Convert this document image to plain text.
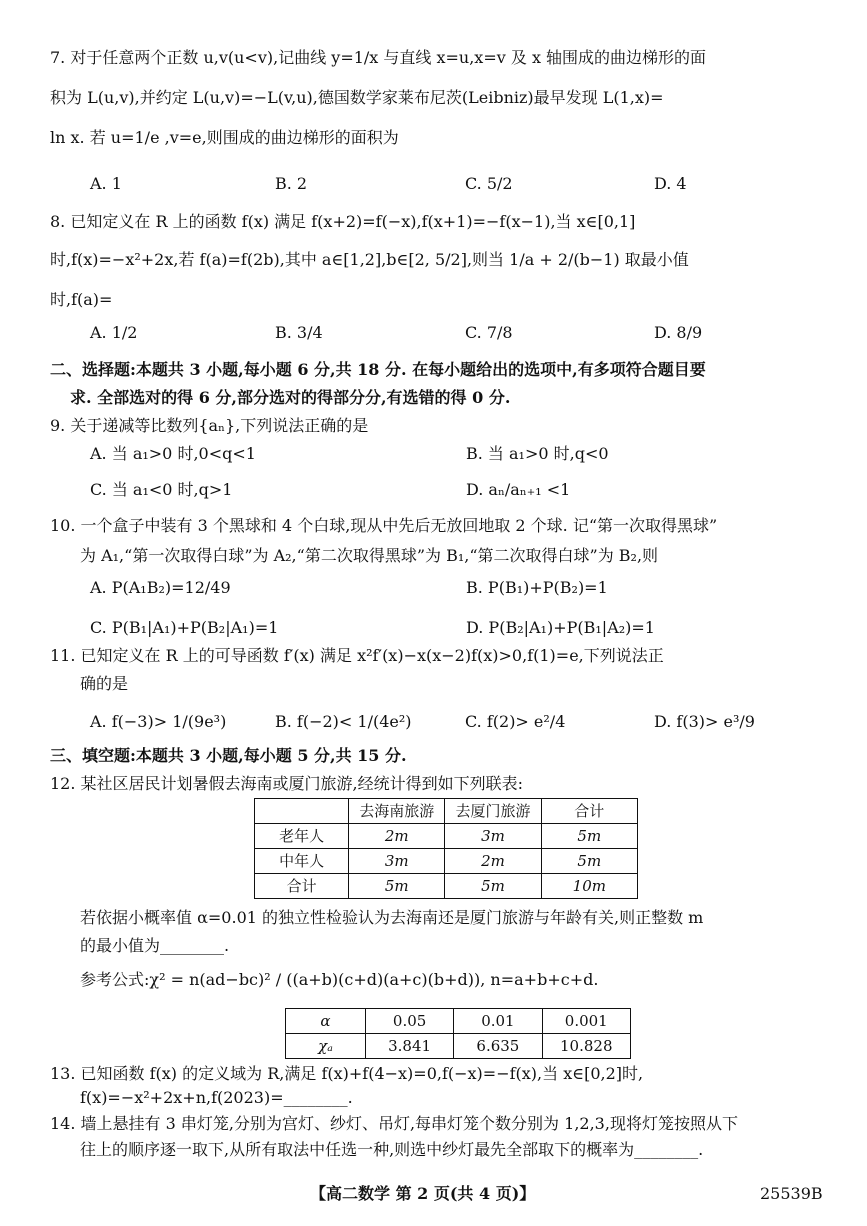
7. 对于任意两个正数 u,v(u<v),记曲线 y=1/x 与直线 x=u,x=v 及 x 轴围成的曲边梯形的面
积为 L(u,v),并约定 L(u,v)=−L(v,u),德国数学家莱布尼茨(Leibniz)最早发现 L(1,x)=
ln x. 若 u=1/e ,v=e,则围成的曲边梯形的面积为
A. 1	B. 2	C. 5/2	D. 4
8. 已知定义在 R 上的函数 f(x) 满足 f(x+2)=f(−x),f(x+1)=−f(x−1),当 x∈[0,1]
时,f(x)=−x²+2x,若 f(a)=f(2b),其中 a∈[1,2],b∈[2, 5/2],则当 1/a + 2/(b−1) 取最小值
时,f(a)=
A. 1/2	B. 3/4	C. 7/8	D. 8/9
二、选择题:本题共 3 小题,每小题 6 分,共 18 分. 在每小题给出的选项中,有多项符合题目要
求. 全部选对的得 6 分,部分选对的得部分分,有选错的得 0 分.
9. 关于递减等比数列{aₙ},下列说法正确的是
A. 当 a₁>0 时,0<q<1	B. 当 a₁>0 时,q<0
C. 当 a₁<0 时,q>1	D. aₙ/aₙ₊₁ <1
10. 一个盒子中装有 3 个黑球和 4 个白球,现从中先后无放回地取 2 个球. 记“第一次取得黑球”
为 A₁,“第一次取得白球”为 A₂,“第二次取得黑球”为 B₁,“第二次取得白球”为 B₂,则
A. P(A₁B₂)=12/49	B. P(B₁)+P(B₂)=1
C. P(B₁|A₁)+P(B₂|A₁)=1	D. P(B₂|A₁)+P(B₁|A₂)=1
11. 已知定义在 R 上的可导函数 f′(x) 满足 x²f′(x)−x(x−2)f(x)>0,f(1)=e,下列说法正
确的是
A. f(−3)> 1/(9e³)	B. f(−2)< 1/(4e²)	C. f(2)> e²/4	D. f(3)> e³/9
三、填空题:本题共 3 小题,每小题 5 分,共 15 分.
12. 某社区居民计划暑假去海南或厦门旅游,经统计得到如下列联表:
	去海南旅游	去厦门旅游	合计
老年人	2m	3m	5m
中年人	3m	2m	5m
合计	5m	5m	10m
若依据小概率值 α=0.01 的独立性检验认为去海南还是厦门旅游与年龄有关,则正整数 m
的最小值为________.
参考公式:χ² = n(ad−bc)² / ((a+b)(c+d)(a+c)(b+d)), n=a+b+c+d.
α	0.05	0.01	0.001
χₐ	3.841	6.635	10.828
13. 已知函数 f(x) 的定义域为 R,满足 f(x)+f(4−x)=0,f(−x)=−f(x),当 x∈[0,2]时,
f(x)=−x²+2x+n,f(2023)=________.
14. 墙上悬挂有 3 串灯笼,分别为宫灯、纱灯、吊灯,每串灯笼个数分别为 1,2,3,现将灯笼按照从下
往上的顺序逐一取下,从所有取法中任选一种,则选中纱灯最先全部取下的概率为________.
【高二数学 第 2 页(共 4 页)】	25539B
